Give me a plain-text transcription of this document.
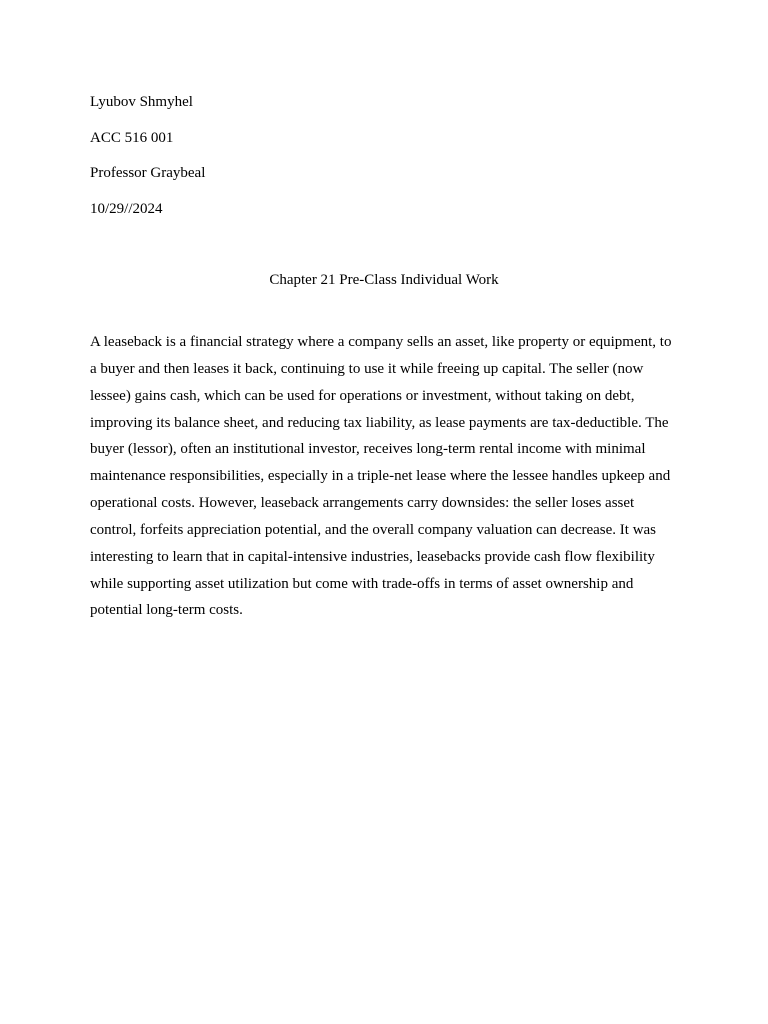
Lyubov Shmyhel
ACC 516 001
Professor Graybeal
10/29//2024
Chapter 21 Pre-Class Individual Work

A leaseback is a financial strategy where a company sells an asset, like property or equipment, to
a buyer and then leases it back, continuing to use it while freeing up capital. The seller (now
lessee) gains cash, which can be used for operations or investment, without taking on debt,
improving its balance sheet, and reducing tax liability, as lease payments are tax-deductible. The
buyer (lessor), often an institutional investor, receives long-term rental income with minimal
maintenance responsibilities, especially in a triple-net lease where the lessee handles upkeep and
operational costs. However, leaseback arrangements carry downsides: the seller loses asset
control, forfeits appreciation potential, and the overall company valuation can decrease. It was
interesting to learn that in capital-intensive industries, leasebacks provide cash flow flexibility
while supporting asset utilization but come with trade-offs in terms of asset ownership and
potential long-term costs.
